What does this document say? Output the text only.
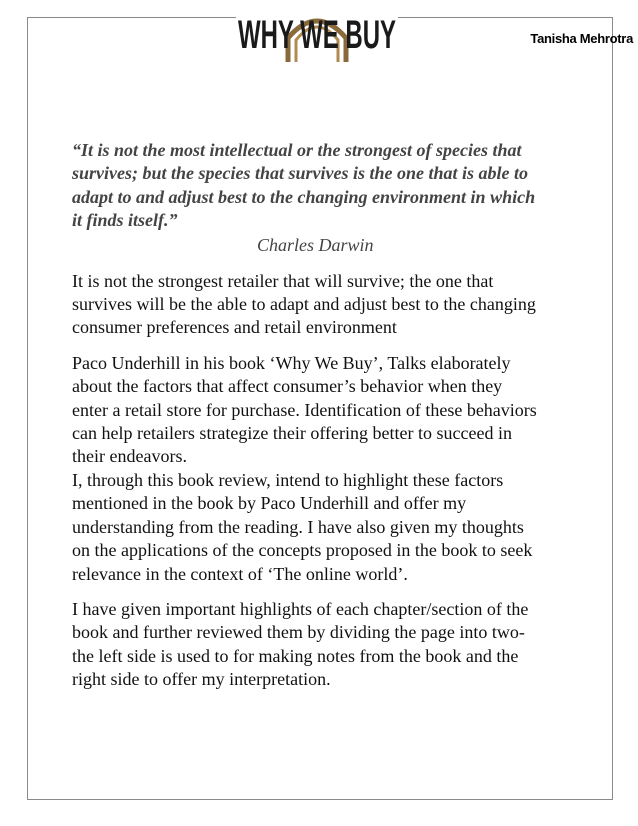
WHY WE BUY	Tanisha Mehrotra

“It is not the most intellectual or the strongest of species that
survives; but the species that survives is the one that is able to
adapt to and adjust best to the changing environment in which
it finds itself.”

Charles Darwin

It is not the strongest retailer that will survive; the one that
survives will be the able to adapt and adjust best to the changing
consumer preferences and retail environment

Paco Underhill in his book ‘Why We Buy’, Talks elaborately
about the factors that affect consumer’s behavior when they
enter a retail store for purchase. Identification of these behaviors
can help retailers strategize their offering better to succeed in
their endeavors.

I, through this book review, intend to highlight these factors
mentioned in the book by Paco Underhill and offer my
understanding from the reading. I have also given my thoughts
on the applications of the concepts proposed in the book to seek
relevance in the context of ‘The online world’.

I have given important highlights of each chapter/section of the
book and further reviewed them by dividing the page into two-
the left side is used to for making notes from the book and the
right side to offer my interpretation.
